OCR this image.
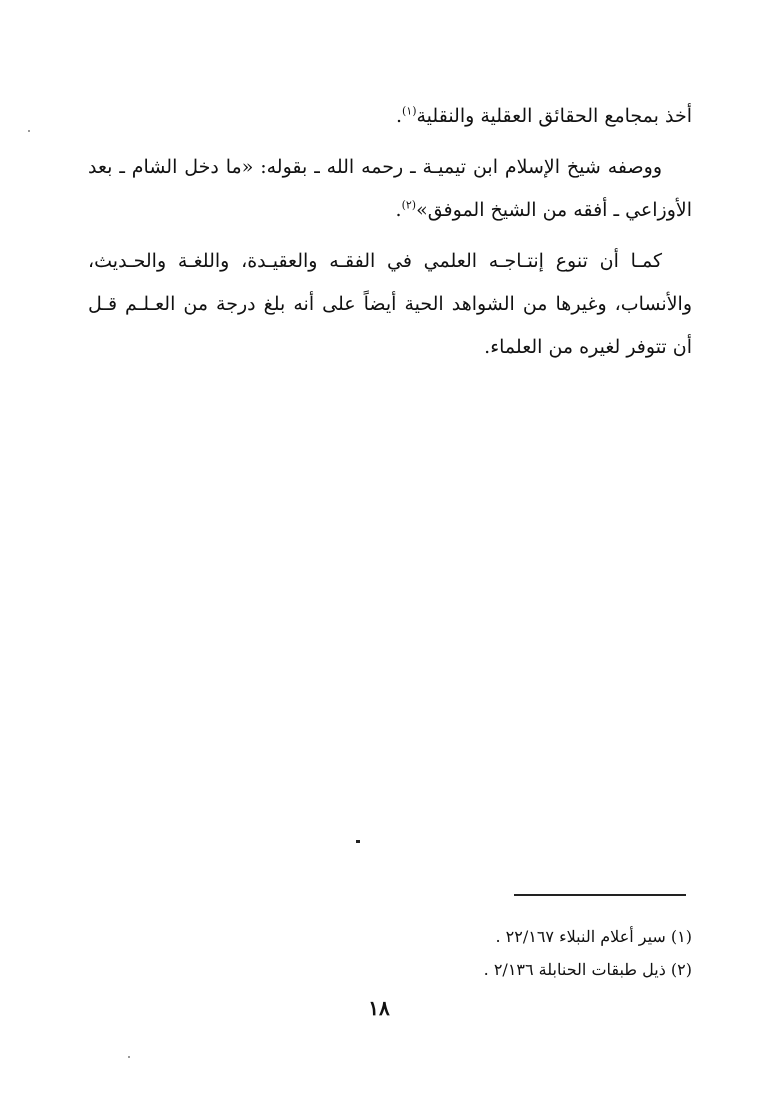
أخذ بمجامع الحقائق العقلية والنقلية$^{(١)}$.

ووصفه شيخ الإسلام ابن تيميـة ـ رحمه الله ـ بقوله: «ما دخل الشام ـ بعد الأوزاعي ـ أفقه من الشيخ الموفق»$^{(٢)}$.

كمـا أن تنوع إنتـاجـه العلمي في الفقـه والعقيـدة، واللغـة والحـديث، والأنساب، وغيرها من الشواهد الحية أيضاً على أنه بلغ درجة من العـلـم قـل أن تتوفر لغيره من العلماء.

(١) سير أعلام النبلاء ٢٢/١٦٧ .

(٢) ذيل طبقات الحنابلة ٢/١٣٦ .

١٨
